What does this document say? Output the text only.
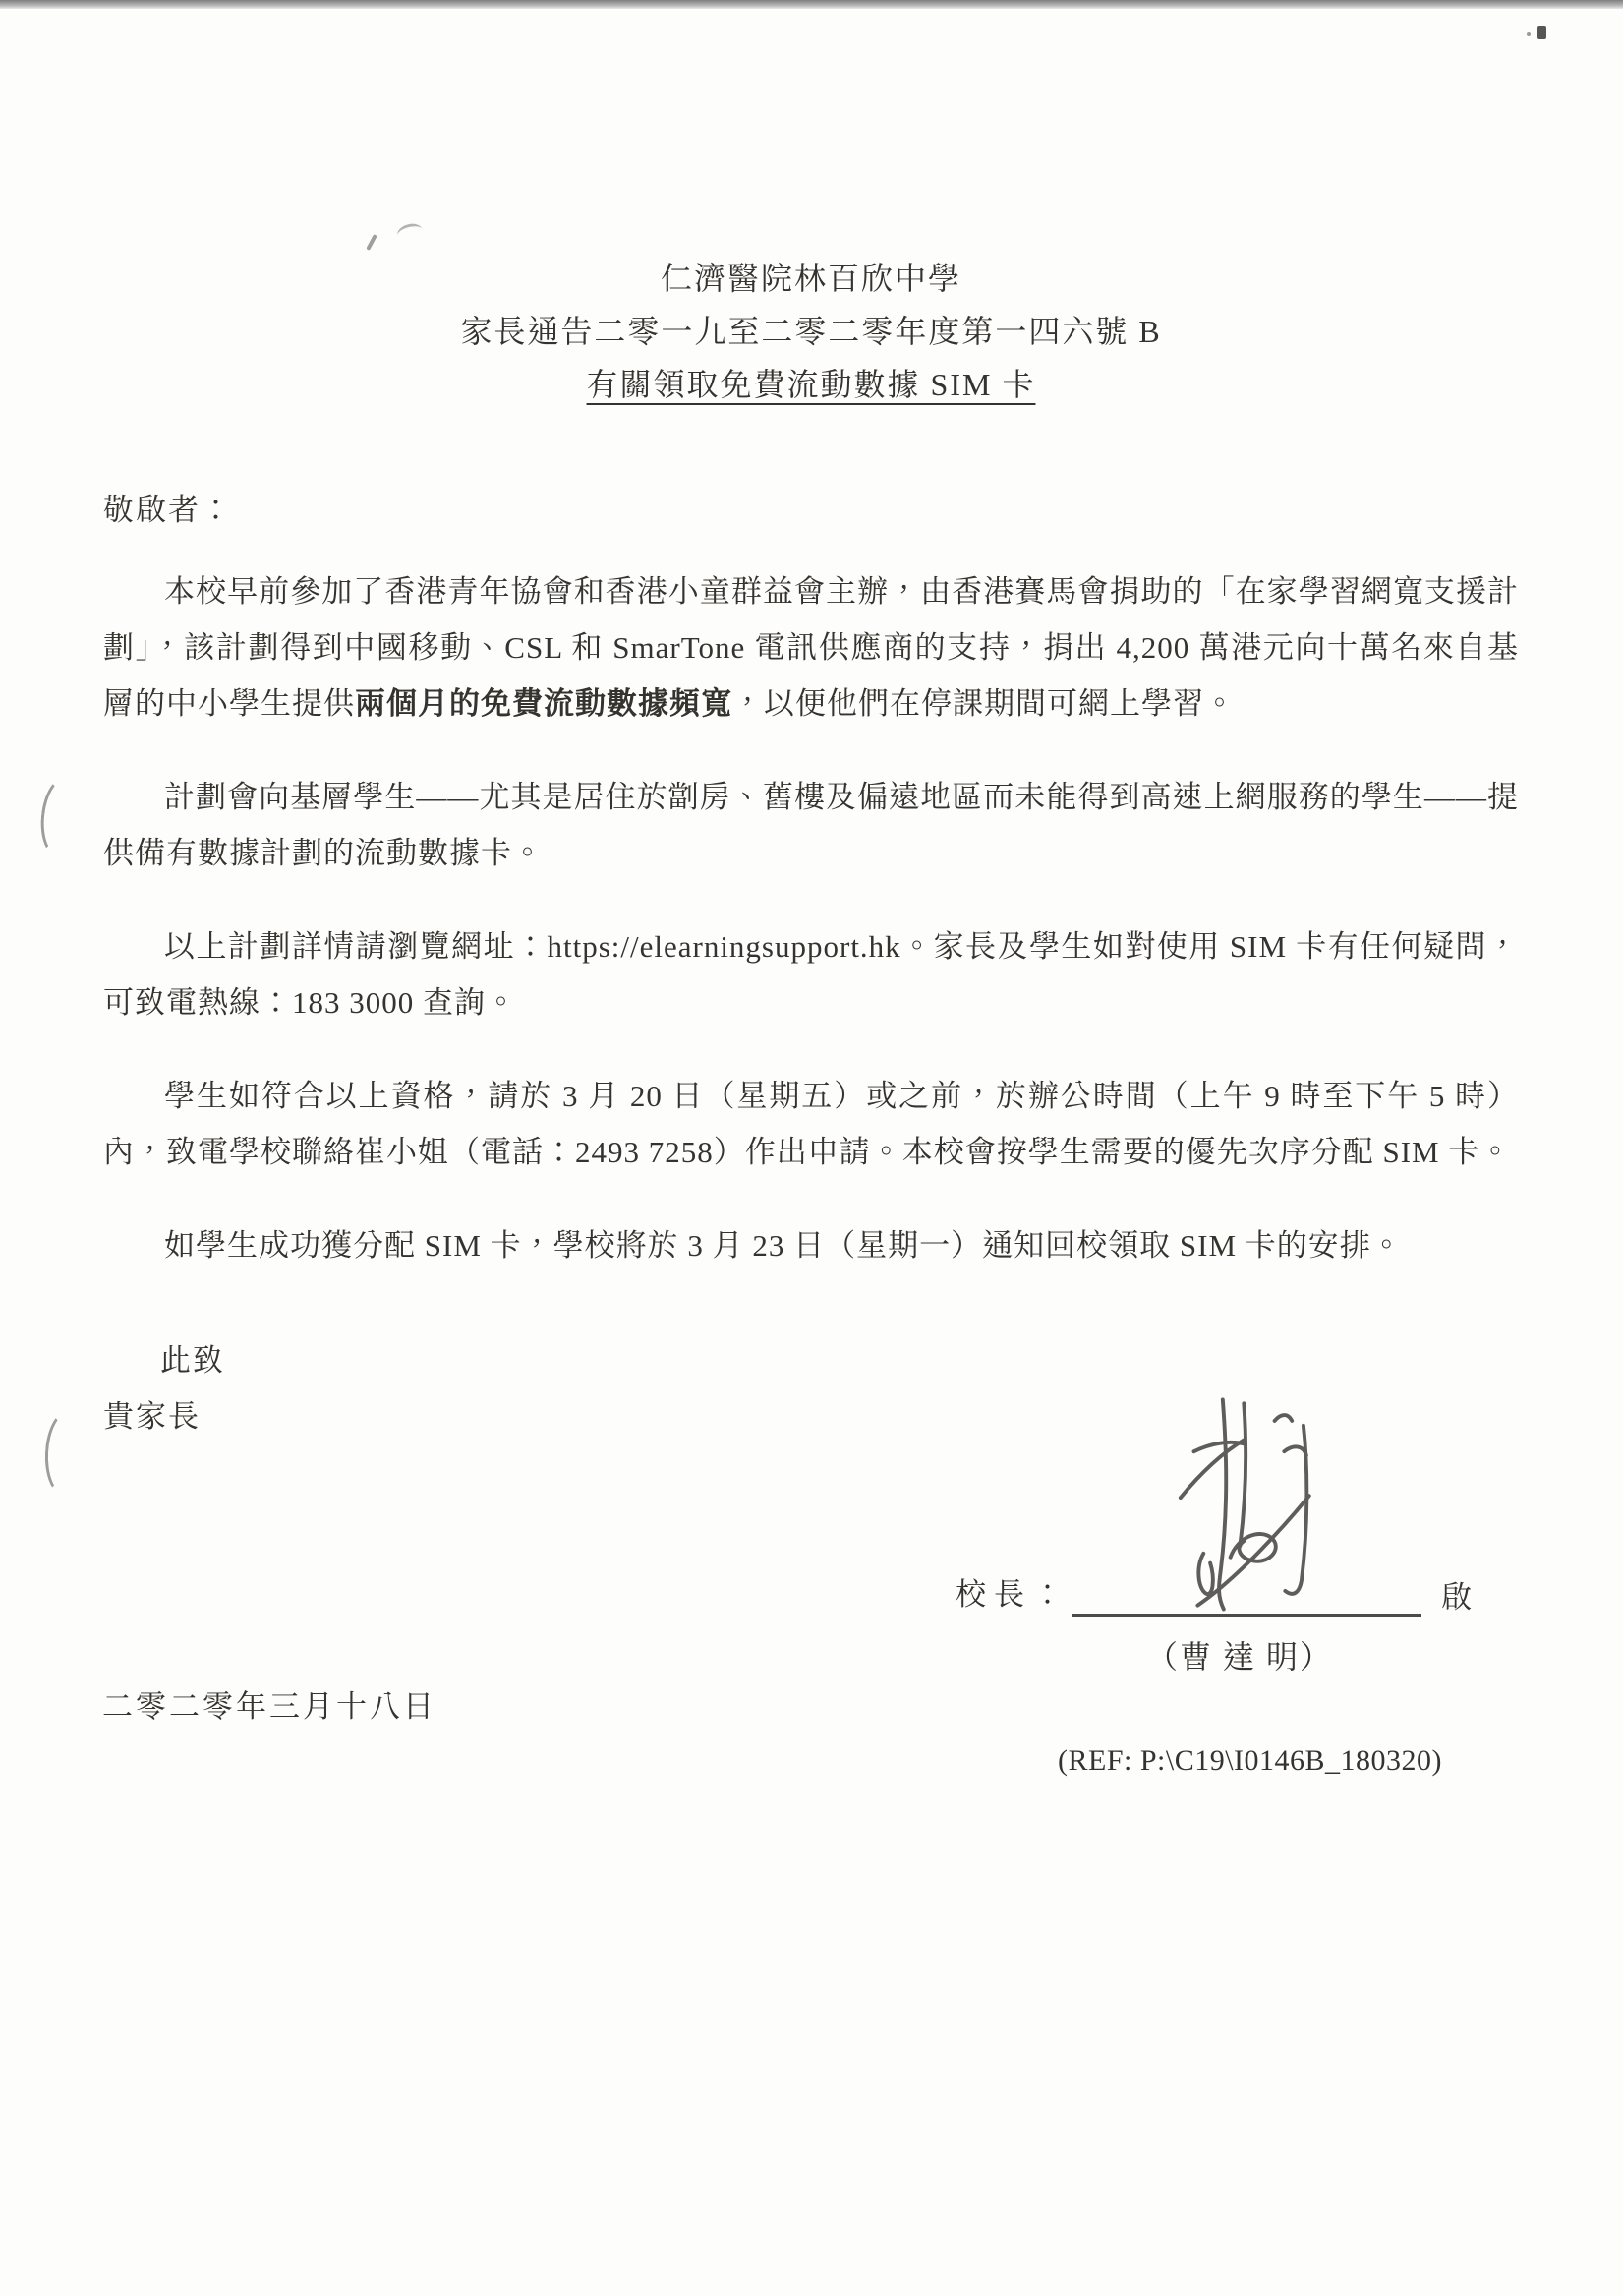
仁濟醫院林百欣中學

家長通告二零一九至二零二零年度第一四六號 B

有關領取免費流動數據 SIM 卡

敬啟者：

本校早前參加了香港青年協會和香港小童群益會主辦，由香港賽馬會捐助的「在家學習網寬支援計劃」，該計劃得到中國移動、CSL 和 SmarTone 電訊供應商的支持，捐出 4,200 萬港元向十萬名來自基層的中小學生提供兩個月的免費流動數據頻寬，以便他們在停課期間可網上學習。

計劃會向基層學生——尤其是居住於劏房、舊樓及偏遠地區而未能得到高速上網服務的學生——提供備有數據計劃的流動數據卡。

以上計劃詳情請瀏覽網址：https://elearningsupport.hk。家長及學生如對使用 SIM 卡有任何疑問，可致電熱線：183 3000 查詢。

學生如符合以上資格，請於 3 月 20 日（星期五）或之前，於辦公時間（上午 9 時至下午 5 時）內，致電學校聯絡崔小姐（電話：2493 7258）作出申請。本校會按學生需要的優先次序分配 SIM 卡。

如學生成功獲分配 SIM 卡，學校將於 3 月 23 日（星期一）通知回校領取 SIM 卡的安排。

此致
貴家長
校長：	啟
（曹 達 明）
二零二零年三月十八日
(REF: P:\C19\I0146B_180320)
